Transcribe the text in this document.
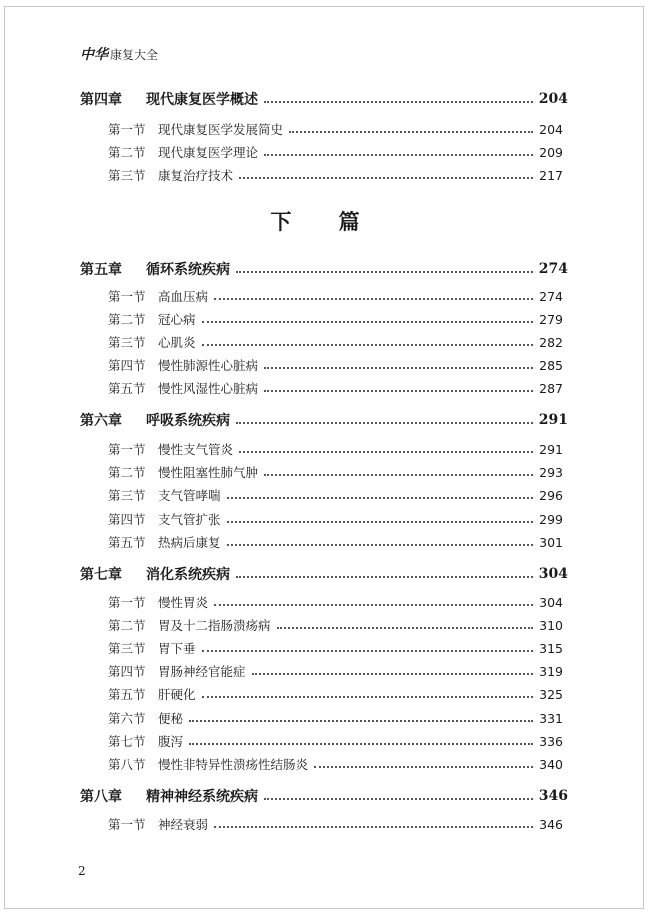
中华 康复大全
下 篇
第四章	现代康复医学概述	204
第一节 现代康复医学发展简史	204
第二节 现代康复医学理论	209
第三节 康复治疗技术	217
第五章	循环系统疾病	274
第一节 高血压病	274
第二节 冠心病	279
第三节 心肌炎	282
第四节 慢性肺源性心脏病	285
第五节 慢性风湿性心脏病	287
第六章	呼吸系统疾病	291
第一节 慢性支气管炎	291
第二节 慢性阻塞性肺气肿	293
第三节 支气管哮喘	296
第四节 支气管扩张	299
第五节 热病后康复	301
第七章	消化系统疾病	304
第一节 慢性胃炎	304
第二节 胃及十二指肠溃疡病	310
第三节 胃下垂	315
第四节 胃肠神经官能症	319
第五节 肝硬化	325
第六节 便秘	331
第七节 腹泻	336
第八节 慢性非特异性溃疡性结肠炎	340
第八章	精神神经系统疾病	346
第一节 神经衰弱	346
2
